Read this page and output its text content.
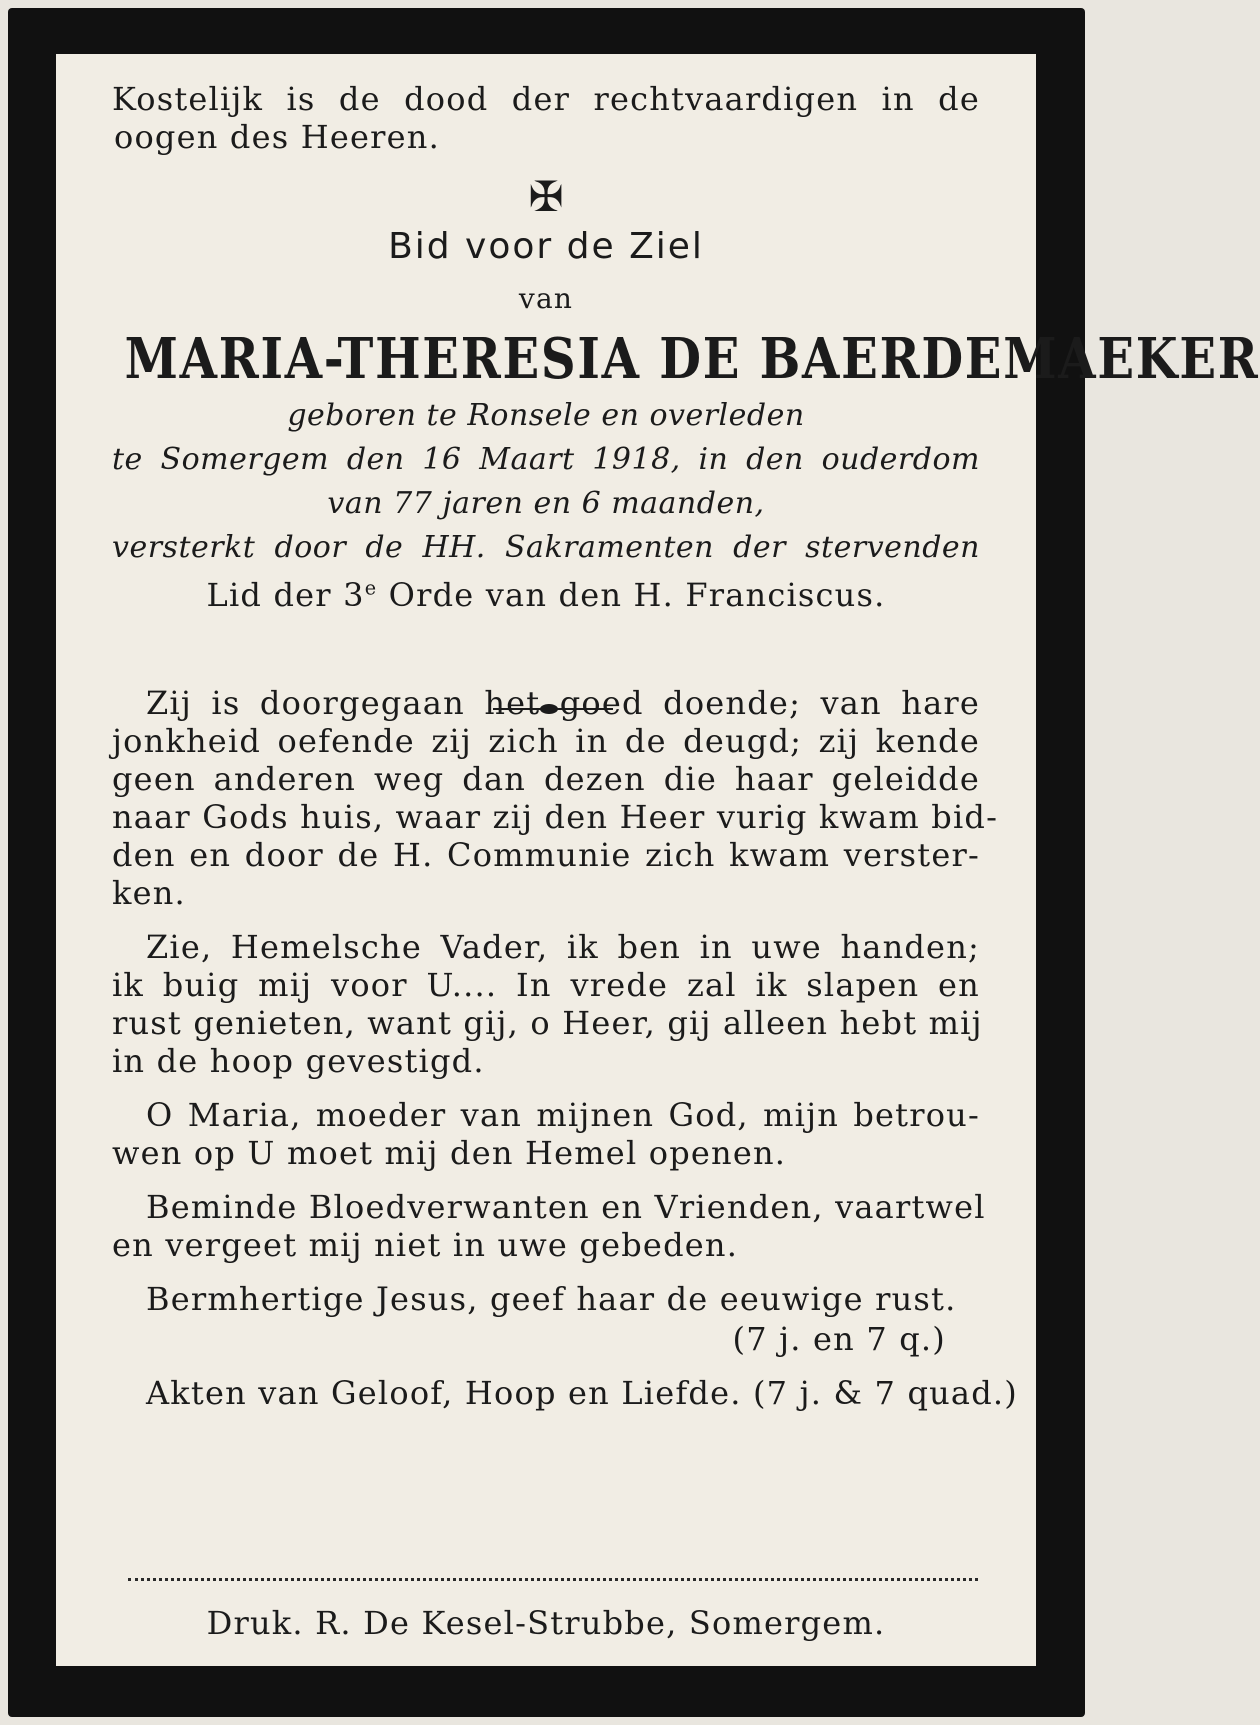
Kostelijk is de dood der rechtvaardigen in de
oogen des Heeren.
✠
Bid voor de Ziel
van
MARIA-THERESIA DE BAERDEMAEKER
geboren te Ronsele en overleden
te Somergem den 16 Maart 1918, in den ouderdom
van 77 jaren en 6 maanden,
versterkt door de HH. Sakramenten der stervenden
Lid der 3e Orde van den H. Franciscus.
Zij is doorgegaan het goed doende; van hare
jonkheid oefende zij zich in de deugd; zij kende
geen anderen weg dan dezen die haar geleidde
naar Gods huis, waar zij den Heer vurig kwam bid-
den en door de H. Communie zich kwam verster-
ken.
Zie, Hemelsche Vader, ik ben in uwe handen;
ik buig mij voor U.... In vrede zal ik slapen en
rust genieten, want gij, o Heer, gij alleen hebt mij
in de hoop gevestigd.
O Maria, moeder van mijnen God, mijn betrou-
wen op U moet mij den Hemel openen.
Beminde Bloedverwanten en Vrienden, vaartwel
en vergeet mij niet in uwe gebeden.
Bermhertige Jesus, geef haar de eeuwige rust.
(7 j. en 7 q.)
Akten van Geloof, Hoop en Liefde. (7 j. & 7 quad.)
Druk. R. De Kesel-Strubbe, Somergem.
